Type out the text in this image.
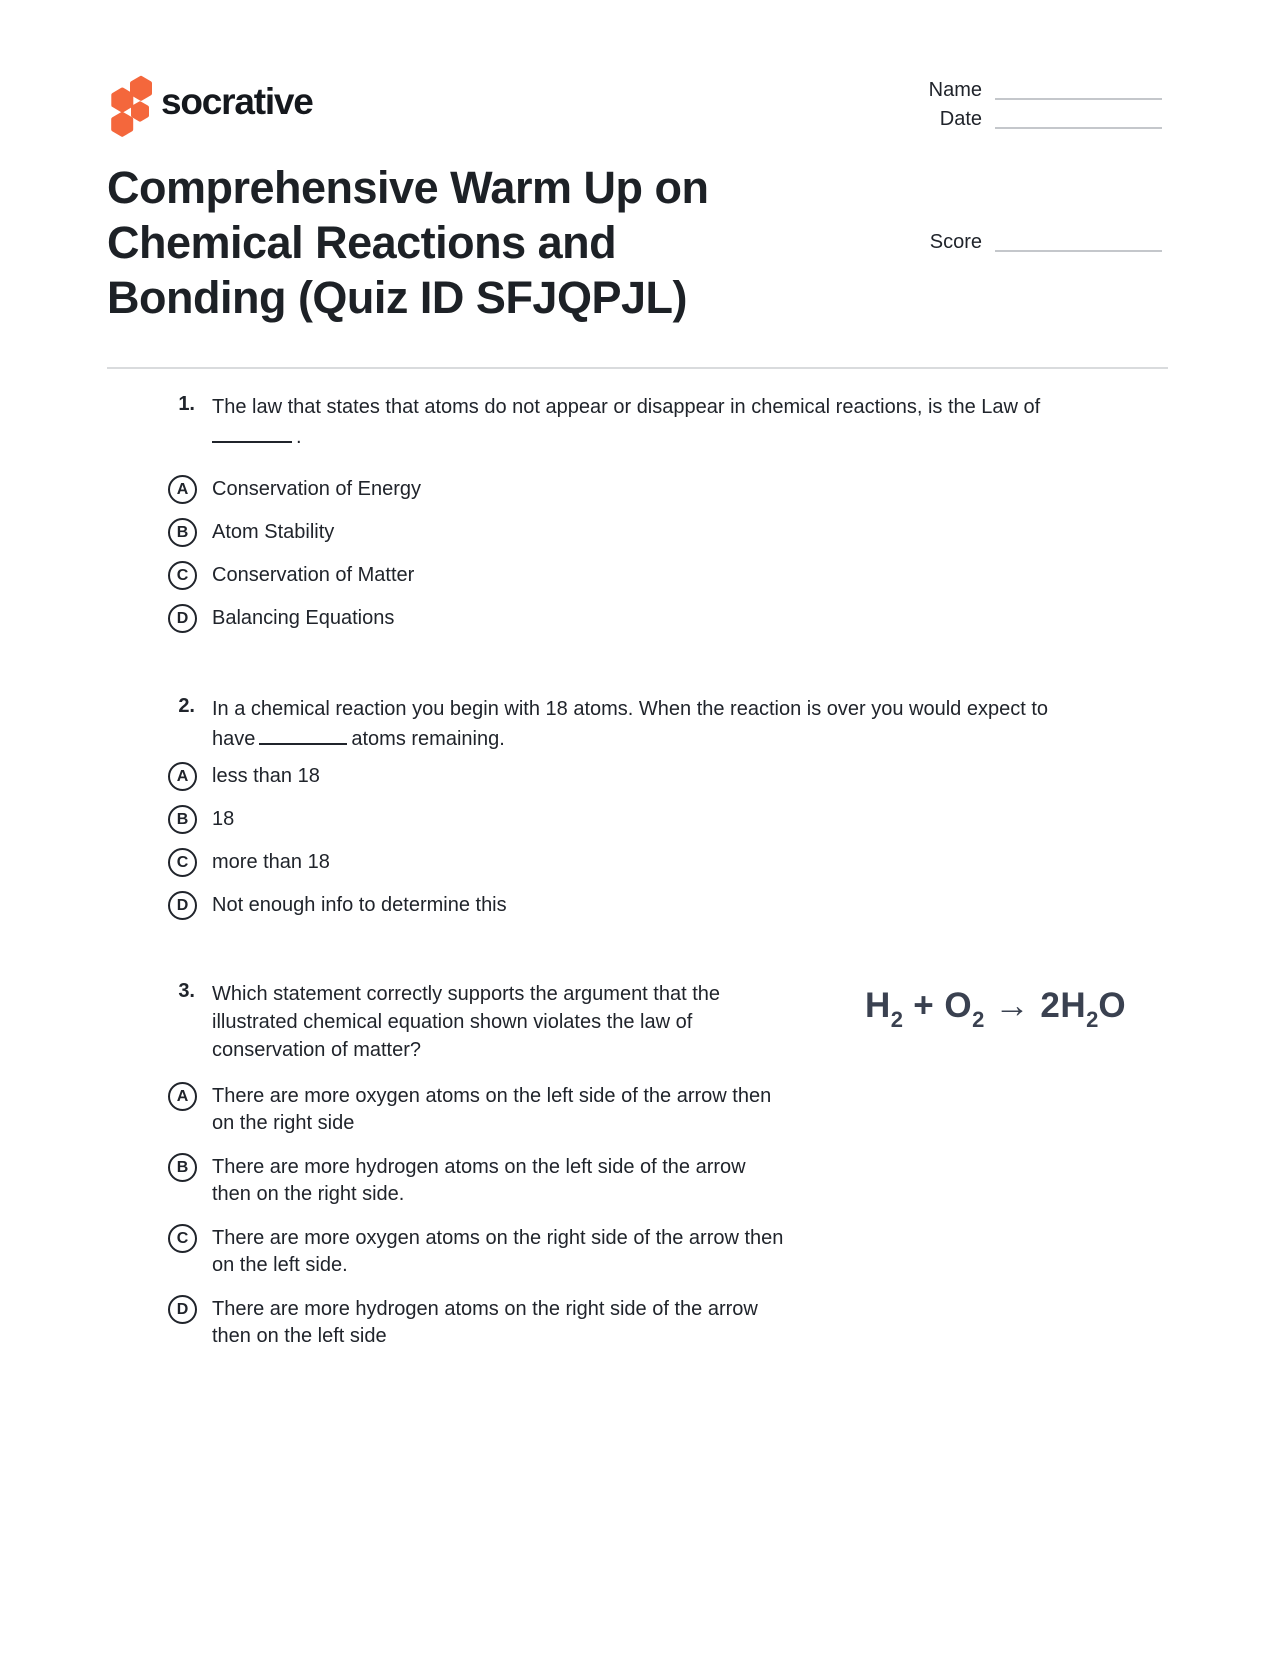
socrative	Name
Date
Score
Comprehensive Warm Up on
Chemical Reactions and
Bonding (Quiz ID SFJQPJL)
1. The law that states that atoms do not appear or disappear in chemical reactions, is the Law of
.
A	Conservation of Energy
B	Atom Stability
C	Conservation of Matter
D	Balancing Equations
2. In a chemical reaction you begin with 18 atoms. When the reaction is over you would expect to
have	atoms remaining.
A	less than 18
B	18
C	more than 18
D	Not enough info to determine this
3. Which statement correctly supports the argument that the
illustrated chemical equation shown violates the law of
conservation of matter?
A	There are more oxygen atoms on the left side of the arrow then
on the right side
B	There are more hydrogen atoms on the left side of the arrow
then on the right side.
C	There are more oxygen atoms on the right side of the arrow then
on the left side.
D	There are more hydrogen atoms on the right side of the arrow
then on the left side
$H_2 + O_2 \to 2H_2O$
